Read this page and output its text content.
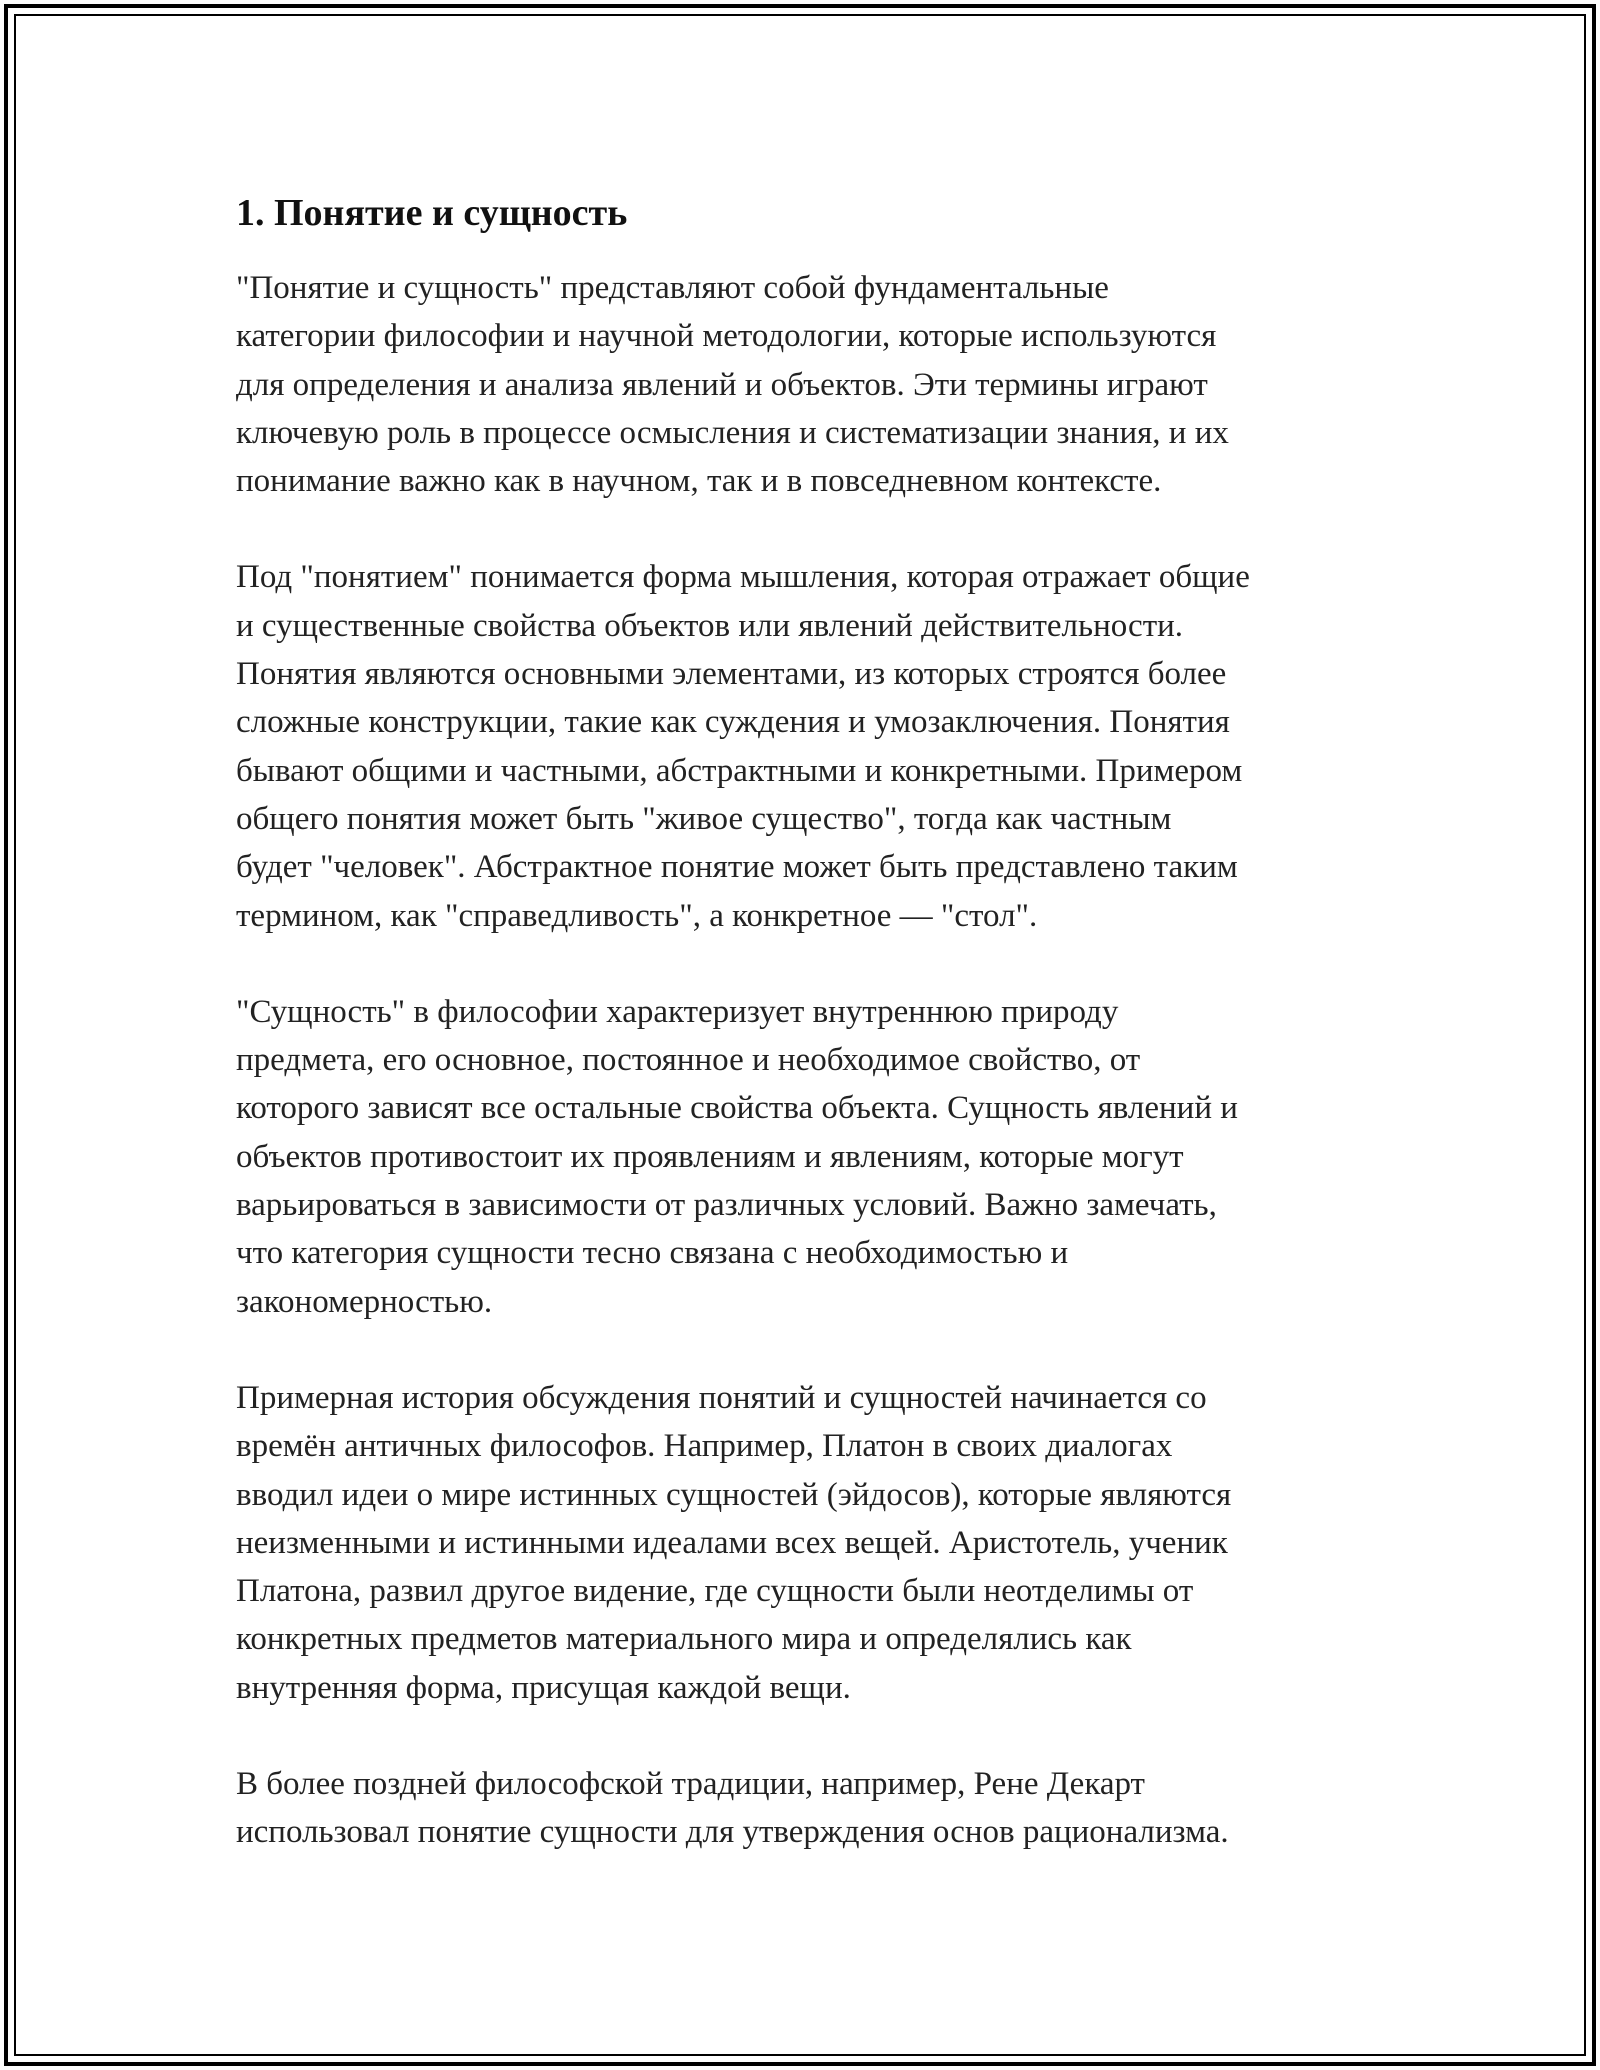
1. Понятие и сущность

"Понятие и сущность" представляют собой фундаментальные
категории философии и научной методологии, которые используются
для определения и анализа явлений и объектов. Эти термины играют
ключевую роль в процессе осмысления и систематизации знания, и их
понимание важно как в научном, так и в повседневном контексте.

Под "понятием" понимается форма мышления, которая отражает общие
и существенные свойства объектов или явлений действительности.
Понятия являются основными элементами, из которых строятся более
сложные конструкции, такие как суждения и умозаключения. Понятия
бывают общими и частными, абстрактными и конкретными. Примером
общего понятия может быть "живое существо", тогда как частным
будет "человек". Абстрактное понятие может быть представлено таким
термином, как "справедливость", а конкретное — "стол".

"Сущность" в философии характеризует внутреннюю природу
предмета, его основное, постоянное и необходимое свойство, от
которого зависят все остальные свойства объекта. Сущность явлений и
объектов противостоит их проявлениям и явлениям, которые могут
варьироваться в зависимости от различных условий. Важно замечать,
что категория сущности тесно связана с необходимостью и
закономерностью.

Примерная история обсуждения понятий и сущностей начинается со
времён античных философов. Например, Платон в своих диалогах
вводил идеи о мире истинных сущностей (эйдосов), которые являются
неизменными и истинными идеалами всех вещей. Аристотель, ученик
Платона, развил другое видение, где сущности были неотделимы от
конкретных предметов материального мира и определялись как
внутренняя форма, присущая каждой вещи.

В более поздней философской традиции, например, Рене Декарт
использовал понятие сущности для утверждения основ рационализма.
